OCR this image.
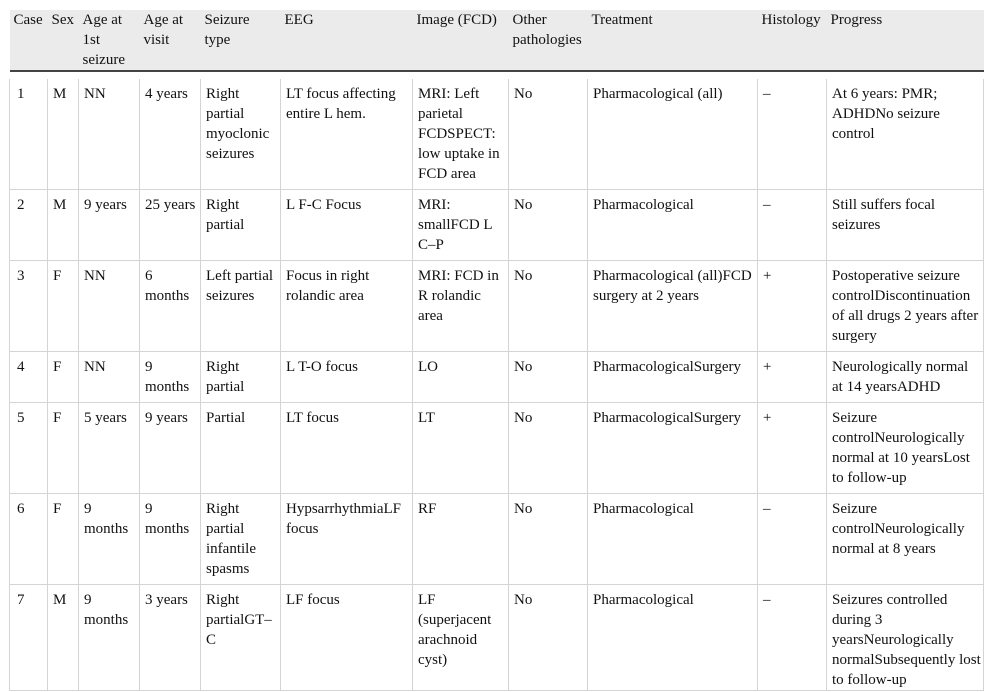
Case	Sex	Age at 1st seizure	Age at visit	Seizure type	EEG	Image (FCD)	Other pathologies	Treatment	Histology	Progress

1	M	NN	4 years	Right partial myoclonic seizures	LT focus affecting entire L hem.	MRI: Left parietal FCDSPECT: low uptake in FCD area	No	Pharmacological (all)	–	At 6 years: PMR; ADHDNo seizure control
2	M	9 years	25 years	Right partial	L F-C Focus	MRI: smallFCD L C–P	No	Pharmacological	–	Still suffers focal seizures
3	F	NN	6 months	Left partial seizures	Focus in right rolandic area	MRI: FCD in R rolandic area	No	Pharmacological (all)FCD surgery at 2 years	+	Postoperative seizure controlDiscontinuation of all drugs 2 years after surgery
4	F	NN	9 months	Right partial	L T-O focus	LO	No	PharmacologicalSurgery	+	Neurologically normal at 14 yearsADHD
5	F	5 years	9 years	Partial	LT focus	LT	No	PharmacologicalSurgery	+	Seizure controlNeurologically normal at 10 yearsLost to follow-up
6	F	9 months	9 months	Right partial infantile spasms	HypsarrhythmiaLF focus	RF	No	Pharmacological	–	Seizure controlNeurologically normal at 8 years
7	M	9 months	3 years	Right partialGT–C	LF focus	LF (superjacent arachnoid cyst)	No	Pharmacological	–	Seizures controlled during 3 yearsNeurologically normalSubsequently lost to follow-up
